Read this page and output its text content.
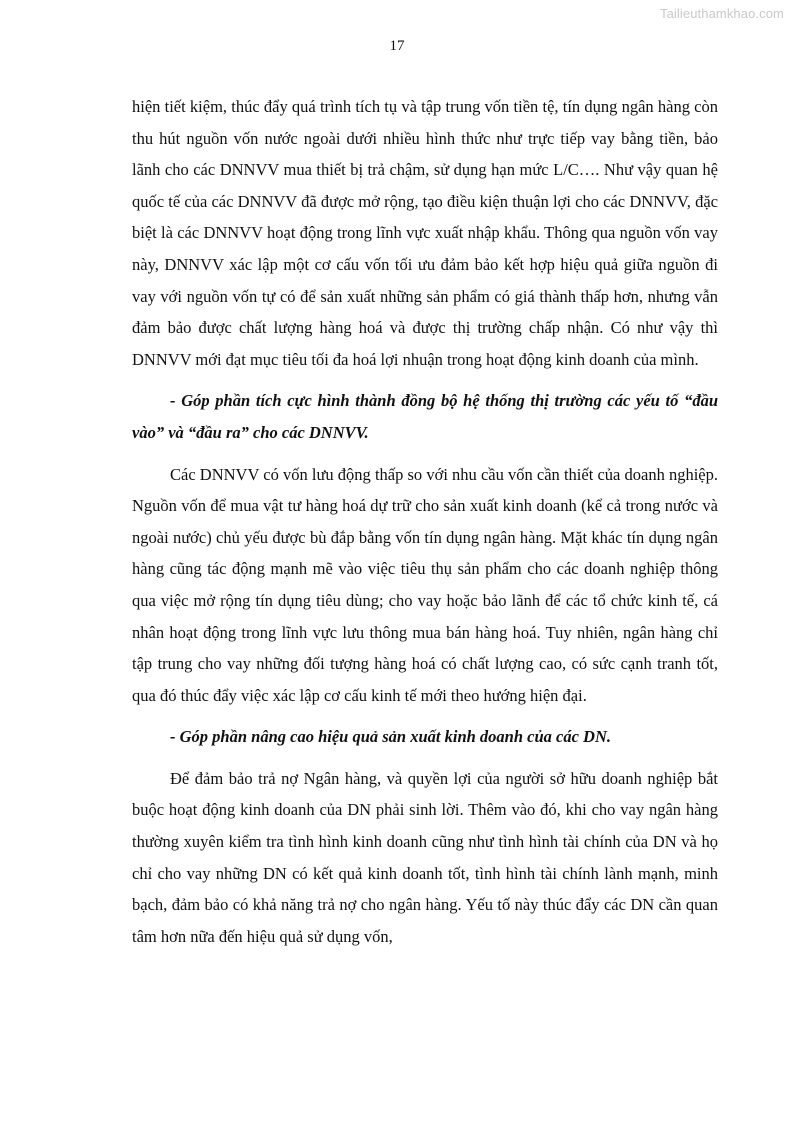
Tailieuthamkhao.com
17

hiện tiết kiệm, thúc đẩy quá trình tích tụ và tập trung vốn tiền tệ, tín dụng ngân hàng còn thu hút nguồn vốn nước ngoài dưới nhiều hình thức như trực tiếp vay bằng tiền, bảo lãnh cho các DNNVV mua thiết bị trả chậm, sử dụng hạn mức L/C…. Như vậy quan hệ quốc tế của các DNNVV đã được mở rộng, tạo điều kiện thuận lợi cho các DNNVV, đặc biệt là các DNNVV hoạt động trong lĩnh vực xuất nhập khẩu. Thông qua nguồn vốn vay này, DNNVV xác lập một cơ cấu vốn tối ưu đảm bảo kết hợp hiệu quả giữa nguồn đi vay với nguồn vốn tự có để sản xuất những sản phẩm có giá thành thấp hơn, nhưng vẫn đảm bảo được chất lượng hàng hoá và được thị trường chấp nhận. Có như vậy thì DNNVV mới đạt mục tiêu tối đa hoá lợi nhuận trong hoạt động kinh doanh của mình.

- Góp phần tích cực hình thành đồng bộ hệ thống thị trường các yếu tố “đầu vào” và “đầu ra” cho các DNNVV.

Các DNNVV có vốn lưu động thấp so với nhu cầu vốn cần thiết của doanh nghiệp. Nguồn vốn để mua vật tư hàng hoá dự trữ cho sản xuất kinh doanh (kể cả trong nước và ngoài nước) chủ yếu được bù đắp bằng vốn tín dụng ngân hàng. Mặt khác tín dụng ngân hàng cũng tác động mạnh mẽ vào việc tiêu thụ sản phẩm cho các doanh nghiệp thông qua việc mở rộng tín dụng tiêu dùng; cho vay hoặc bảo lãnh để các tổ chức kinh tế, cá nhân hoạt động trong lĩnh vực lưu thông mua bán hàng hoá. Tuy nhiên, ngân hàng chỉ tập trung cho vay những đối tượng hàng hoá có chất lượng cao, có sức cạnh tranh tốt, qua đó thúc đẩy việc xác lập cơ cấu kinh tế mới theo hướng hiện đại.

- Góp phần nâng cao hiệu quả sản xuất kinh doanh của các DN.

Để đảm bảo trả nợ Ngân hàng, và quyền lợi của người sở hữu doanh nghiệp bắt buộc hoạt động kinh doanh của DN phải sinh lời. Thêm vào đó, khi cho vay ngân hàng thường xuyên kiểm tra tình hình kinh doanh cũng như tình hình tài chính của DN và họ chỉ cho vay những DN có kết quả kinh doanh tốt, tình hình tài chính lành mạnh, minh bạch, đảm bảo có khả năng trả nợ cho ngân hàng. Yếu tố này thúc đẩy các DN cần quan tâm hơn nữa đến hiệu quả sử dụng vốn,
